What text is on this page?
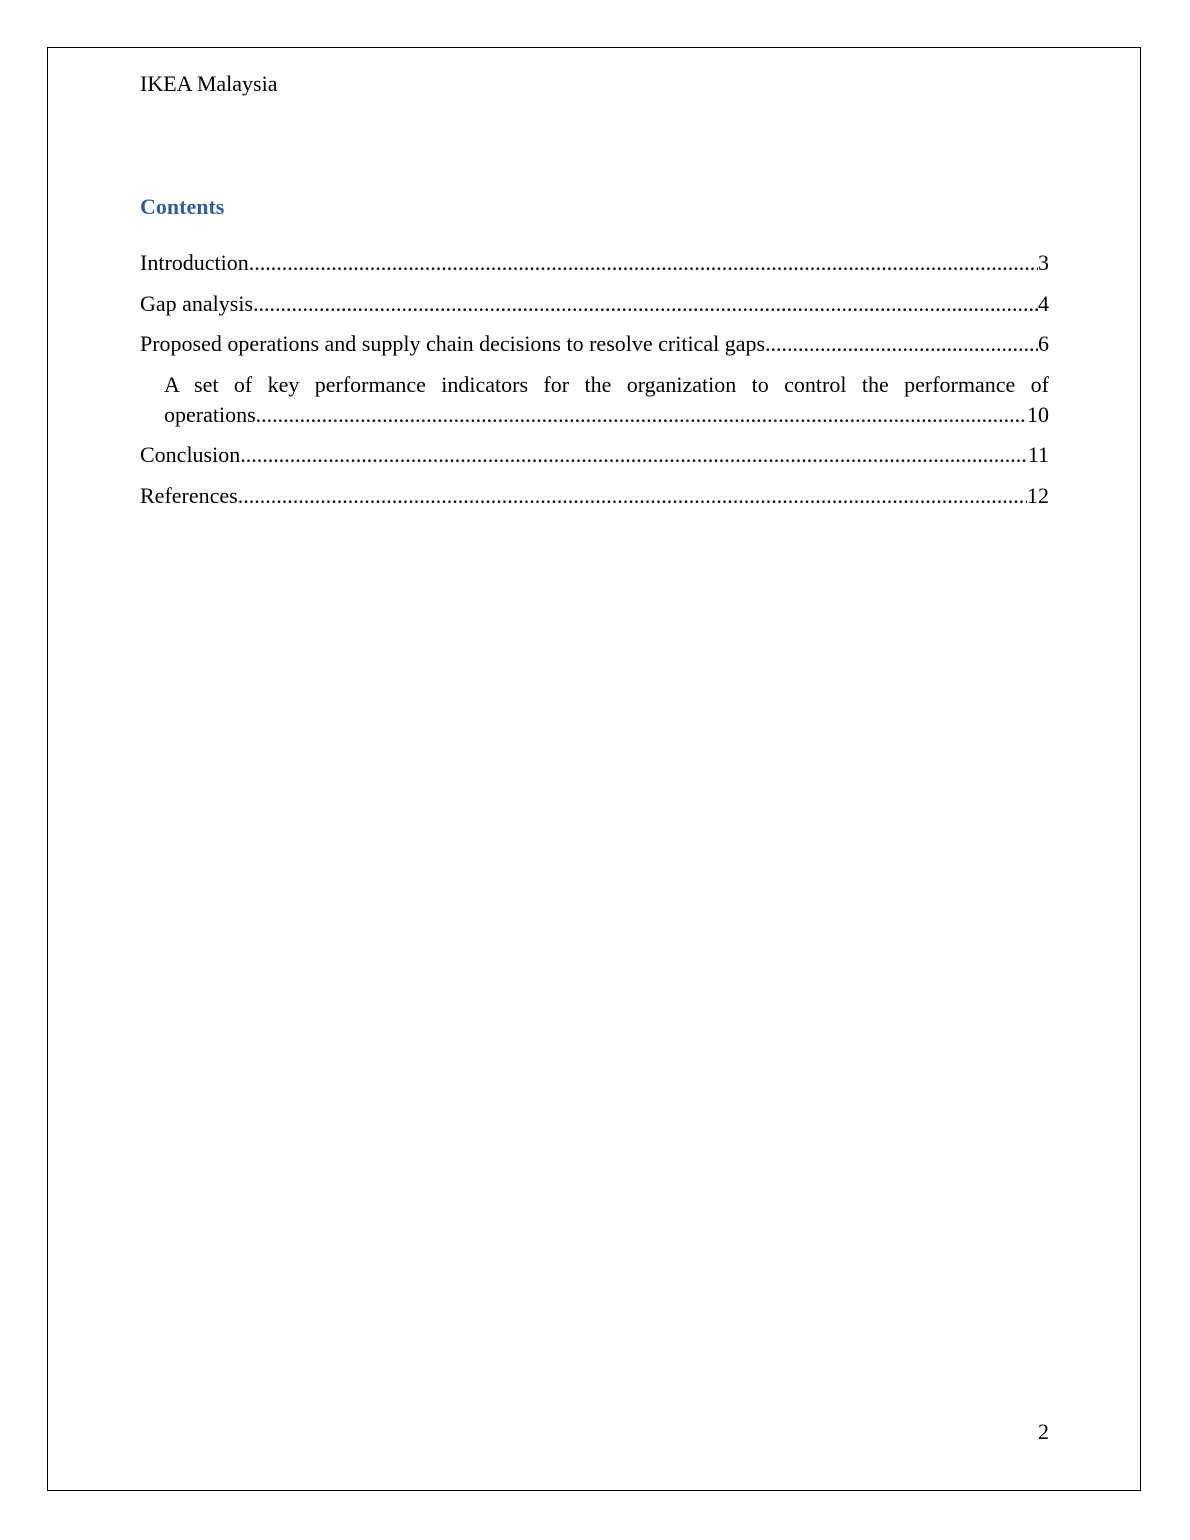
IKEA Malaysia
Contents
Introduction .....	3
Gap analysis .....	4
Proposed operations and supply chain decisions to resolve critical gaps .....	6
A set of key performance indicators for the organization to control the performance of
operations .....	10
Conclusion .....	11
References .....	12
2
